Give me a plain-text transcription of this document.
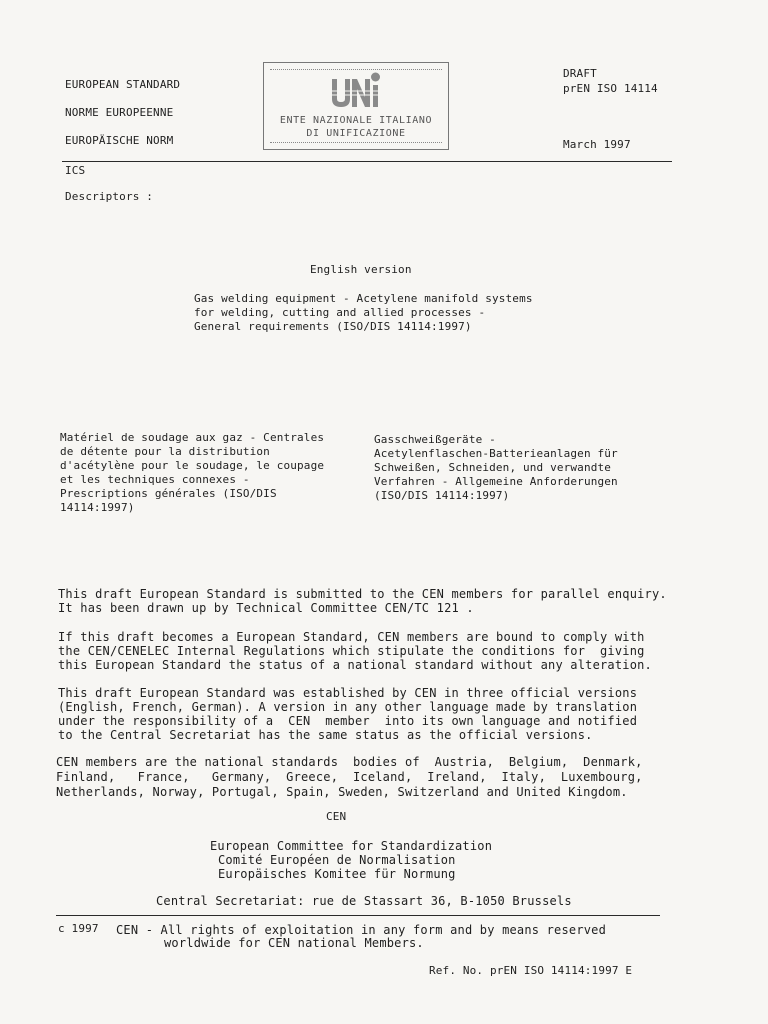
EUROPEAN STANDARD
NORME EUROPEENNE
EUROPÄISCHE NORM
ENTE NAZIONALE ITALIANO
DI UNIFICAZIONE
DRAFT
prEN ISO 14114
March 1997
ICS
Descriptors :
English version
Gas welding equipment - Acetylene manifold systems
for welding, cutting and allied processes -
General requirements (ISO/DIS 14114:1997)
Matériel de soudage aux gaz - Centrales
de détente pour la distribution
d'acétylène pour le soudage, le coupage
et les techniques connexes -
Prescriptions générales (ISO/DIS
14114:1997)
Gasschweißgeräte -
Acetylenflaschen-Batterieanlagen für
Schweißen, Schneiden, und verwandte
Verfahren - Allgemeine Anforderungen
(ISO/DIS 14114:1997)
This draft European Standard is submitted to the CEN members for parallel enquiry.
It has been drawn up by Technical Committee CEN/TC 121 .
If this draft becomes a European Standard, CEN members are bound to comply with
the CEN/CENELEC Internal Regulations which stipulate the conditions for  giving
this European Standard the status of a national standard without any alteration.
This draft European Standard was established by CEN in three official versions
(English, French, German). A version in any other language made by translation
under the responsibility of a  CEN  member  into its own language and notified
to the Central Secretariat has the same status as the official versions.
CEN members are the national standards  bodies of  Austria,  Belgium,  Denmark,
Finland,   France,   Germany,  Greece,  Iceland,  Ireland,  Italy,  Luxembourg,
Netherlands, Norway, Portugal, Spain, Sweden, Switzerland and United Kingdom.
CEN
European Committee for Standardization
Comité Européen de Normalisation
Europäisches Komitee für Normung
Central Secretariat: rue de Stassart 36, B-1050 Brussels
c 1997 CEN - All rights of exploitation in any form and by means reserved
worldwide for CEN national Members.
Ref. No. prEN ISO 14114:1997 E
